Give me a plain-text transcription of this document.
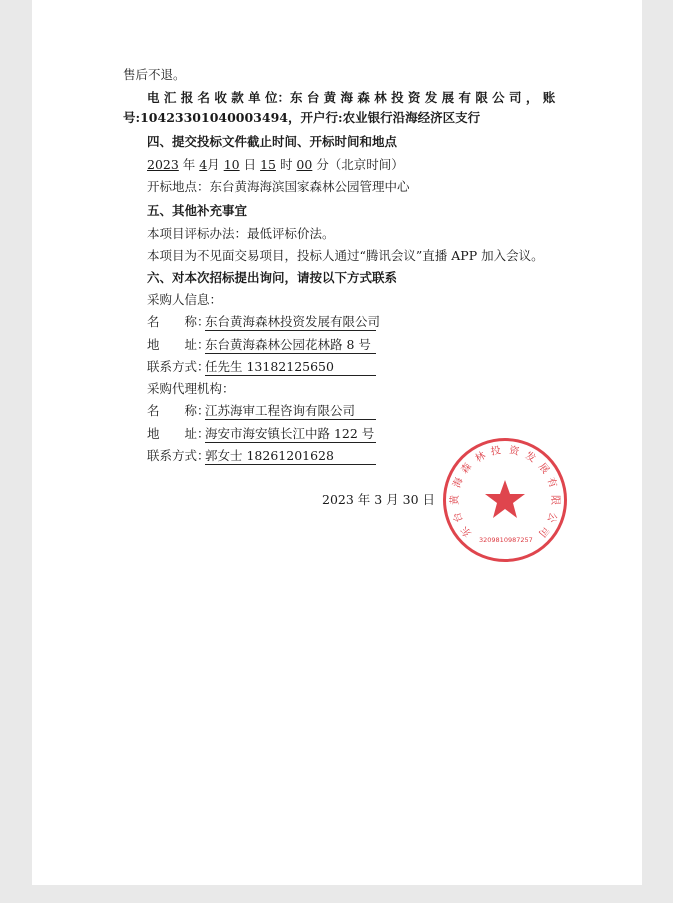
售后不退。
电 汇 报 名 收 款 单 位：东 台 黄 海 森 林 投 资 发 展 有 限 公 司 ， 账
号:10423301040003494，开户行:农业银行沿海经济区支行
四、提交投标文件截止时间、开标时间和地点
2023 年 4月 10 日 15 时 00 分（北京时间）
开标地点：东台黄海海滨国家森林公园管理中心
五、其他补充事宜
本项目评标办法：最低评标价法。
本项目为不见面交易项目，投标人通过“腾讯会议”直播 APP 加入会议。
六、对本次招标提出询问，请按以下方式联系
采购人信息：
名　　称：东台黄海森林投资发展有限公司
地　　址：东台黄海森林公园花林路 8 号
联系方式：任先生 13182125650
采购代理机构：
名　　称：江苏海审工程咨询有限公司
地　　址：海安市海安镇长江中路 122 号
联系方式：郭女士 18261201628
3209810987257
东
台
黄
海
森
林 投 资 发
展
有
限
公
司
2023 年 3 月 30 日
